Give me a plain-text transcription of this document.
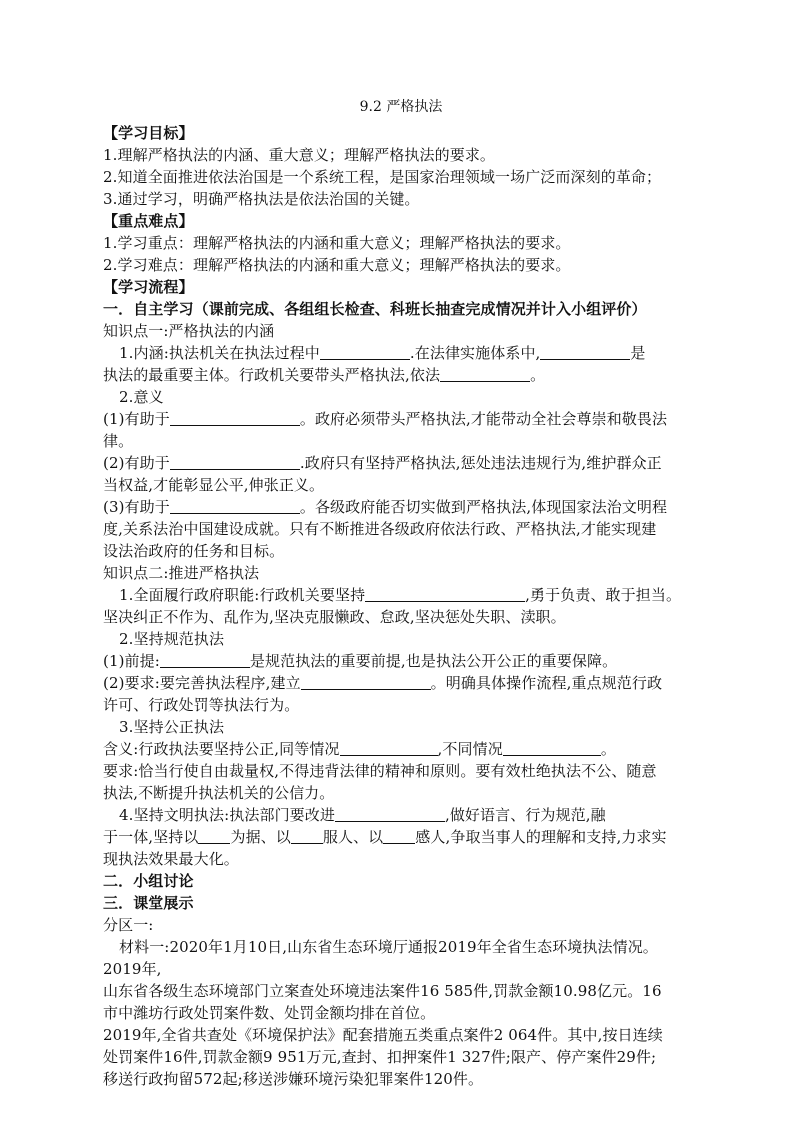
9.2 严格执法
【学习目标】
1.理解严格执法的内涵、重大意义；理解严格执法的要求。
2.知道全面推进依法治国是一个系统工程，是国家治理领域一场广泛而深刻的革命；
3.通过学习，明确严格执法是依法治国的关键。
【重点难点】
1.学习重点：理解严格执法的内涵和重大意义；理解严格执法的要求。
2.学习难点：理解严格执法的内涵和重大意义；理解严格执法的要求。
【学习流程】
一．自主学习（课前完成、各组组长检查、科班长抽查完成情况并计入小组评价）
知识点一:严格执法的内涵
1.内涵:执法机关在执法过程中	.在法律实施体系中,	是
执法的最重要主体。行政机关要带头严格执法,依法	。
2.意义
(1)有助于	。政府必须带头严格执法,才能带动全社会尊崇和敬畏法
律。
(2)有助于	.政府只有坚持严格执法,惩处违法违规行为,维护群众正
当权益,才能彰显公平,伸张正义。
(3)有助于	。各级政府能否切实做到严格执法,体现国家法治文明程
度,关系法治中国建设成就。只有不断推进各级政府依法行政、严格执法,才能实现建
设法治政府的任务和目标。
知识点二:推进严格执法
1.全面履行政府职能:行政机关要坚持	,勇于负责、敢于担当。
坚决纠正不作为、乱作为,坚决克服懒政、怠政,坚决惩处失职、渎职。
2.坚持规范执法
(1)前提:	是规范执法的重要前提,也是执法公开公正的重要保障。
(2)要求:要完善执法程序,建立	。明确具体操作流程,重点规范行政
许可、行政处罚等执法行为。
3.坚持公正执法
含义:行政执法要坚持公正,同等情况	,不同情况	。
要求:恰当行使自由裁量权,不得违背法律的精神和原则。要有效杜绝执法不公、随意
执法,不断提升执法机关的公信力。
4.坚持文明执法:执法部门要改进	,做好语言、行为规范,融
于一体,坚持以 为据、以 服人、以 感人,争取当事人的理解和支持,力求实
现执法效果最大化。
二．小组讨论
三．课堂展示
分区一:
材料一:2020年1月10日,山东省生态环境厅通报2019年全省生态环境执法情况。
2019年,
山东省各级生态环境部门立案查处环境违法案件16 585件,罚款金额10.98亿元。16
市中潍坊行政处罚案件数、处罚金额均排在首位。
2019年,全省共查处《环境保护法》配套措施五类重点案件2 064件。其中,按日连续
处罚案件16件,罚款金额9 951万元,查封、扣押案件1 327件;限产、停产案件29件;
移送行政拘留572起;移送涉嫌环境污染犯罪案件120件。
